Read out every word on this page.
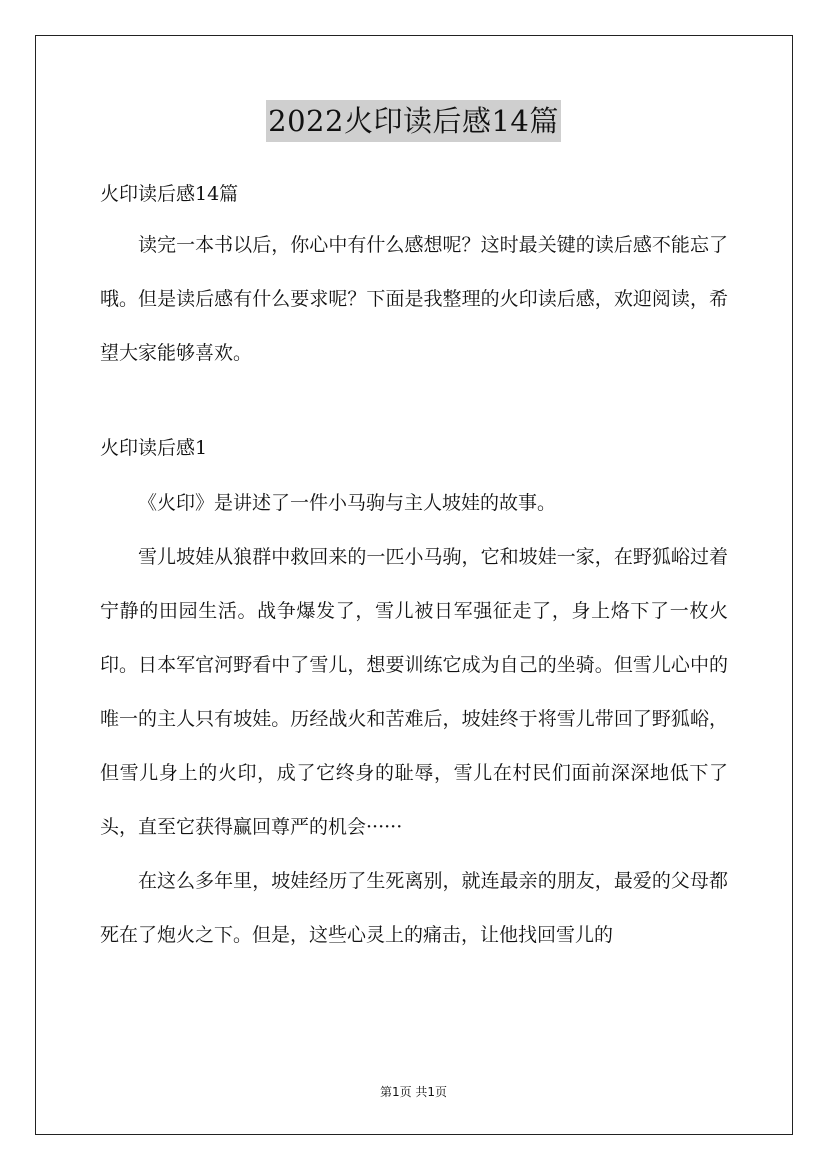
2022火印读后感14篇

火印读后感14篇

读完一本书以后，你心中有什么感想呢？这时最关键的读后感不能忘了哦。但是读后感有什么要求呢？下面是我整理的火印读后感，欢迎阅读，希望大家能够喜欢。

火印读后感1

《火印》是讲述了一件小马驹与主人坡娃的故事。

雪儿坡娃从狼群中救回来的一匹小马驹，它和坡娃一家，在野狐峪过着宁静的田园生活。战争爆发了，雪儿被日军强征走了，身上烙下了一枚火印。日本军官河野看中了雪儿，想要训练它成为自己的坐骑。但雪儿心中的唯一的主人只有坡娃。历经战火和苦难后，坡娃终于将雪儿带回了野狐峪，但雪儿身上的火印，成了它终身的耻辱，雪儿在村民们面前深深地低下了头，直至它获得赢回尊严的机会······

在这么多年里，坡娃经历了生死离别，就连最亲的朋友，最爱的父母都死在了炮火之下。但是，这些心灵上的痛击，让他找回雪儿的

第1页 共1页
